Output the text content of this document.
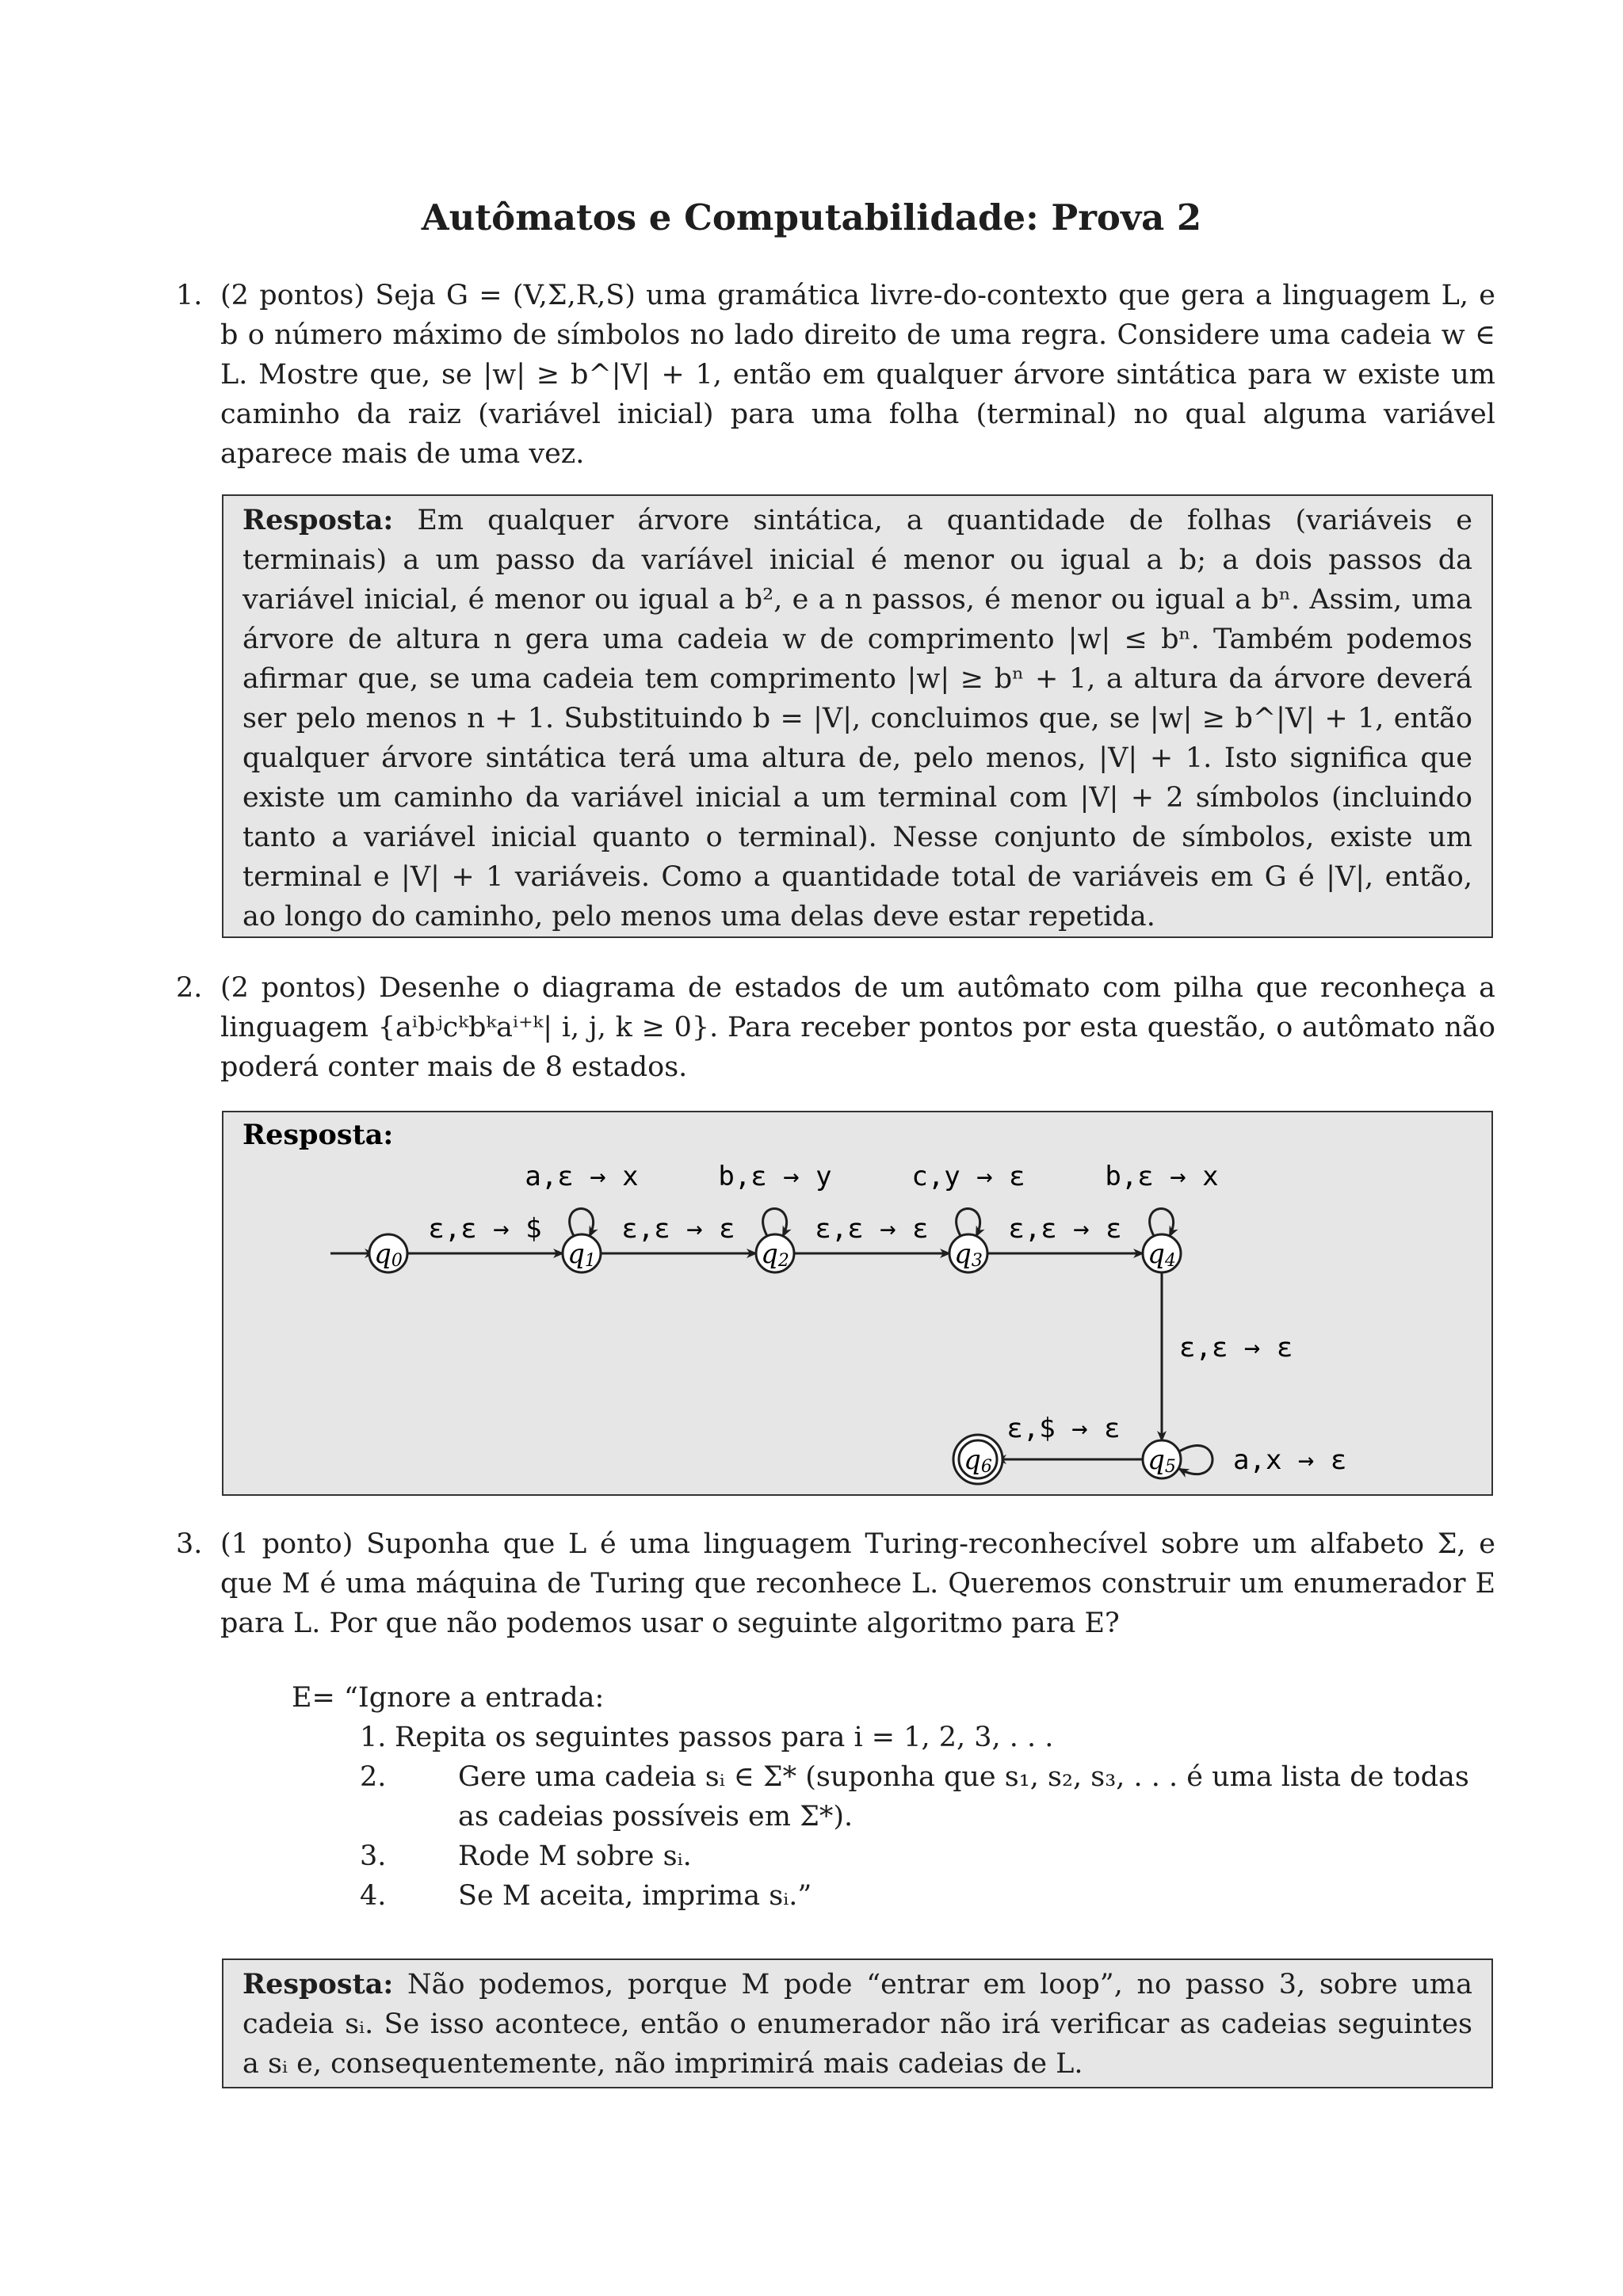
Autômatos e Computabilidade: Prova 2
1. (2 pontos) Seja G = (V,Σ,R,S) uma gramática livre-do-contexto que gera a linguagem L, e b o número máximo de símbolos no lado direito de uma regra. Considere uma cadeia w ∈ L. Mostre que, se |w| ≥ b^|V| + 1, então em qualquer árvore sintática para w existe um caminho da raiz (variável inicial) para uma folha (terminal) no qual alguma variável aparece mais de uma vez.
Resposta: Em qualquer árvore sintática, a quantidade de folhas (variáveis e terminais) a um passo da varíável inicial é menor ou igual a b; a dois passos da variável inicial, é menor ou igual a b², e a n passos, é menor ou igual a bⁿ. Assim, uma árvore de altura n gera uma cadeia w de comprimento |w| ≤ bⁿ. Também podemos afirmar que, se uma cadeia tem comprimento |w| ≥ bⁿ + 1, a altura da árvore deverá ser pelo menos n + 1. Substituindo b = |V|, concluimos que, se |w| ≥ b^|V| + 1, então qualquer árvore sintática terá uma altura de, pelo menos, |V| + 1. Isto significa que existe um caminho da variável inicial a um terminal com |V| + 2 símbolos (incluindo tanto a variável inicial quanto o terminal). Nesse conjunto de símbolos, existe um terminal e |V| + 1 variáveis. Como a quantidade total de variáveis em G é |V|, então, ao longo do caminho, pelo menos uma delas deve estar repetida.
2. (2 pontos) Desenhe o diagrama de estados de um autômato com pilha que reconheça a linguagem {aⁱbʲcᵏbᵏaⁱ⁺ᵏ| i, j, k ≥ 0}. Para receber pontos por esta questão, o autômato não poderá conter mais de 8 estados.
Resposta:
q0	q1	q2	q3	q4
q5
q6
ε,ε → $
a,ε → x
ε,ε → ε
b,ε → y
ε,ε → ε
c,y → ε
ε,ε → ε
b,ε → x
ε,ε → ε
a,x → ε
ε,$ → ε
3. (1 ponto) Suponha que L é uma linguagem Turing-reconhecível sobre um alfabeto Σ, e que M é uma máquina de Turing que reconhece L. Queremos construir um enumerador E para L. Por que não podemos usar o seguinte algoritmo para E?
E= “Ignore a entrada:
1. Repita os seguintes passos para i = 1, 2, 3, . . .
2.	Gere uma cadeia sᵢ ∈ Σ* (suponha que s₁, s₂, s₃, . . . é uma lista de todas as cadeias possíveis em Σ*).
3.	Rode M sobre sᵢ.
4.	Se M aceita, imprima sᵢ.”
Resposta: Não podemos, porque M pode “entrar em loop”, no passo 3, sobre uma cadeia sᵢ. Se isso acontece, então o enumerador não irá verificar as cadeias seguintes a sᵢ e, consequentemente, não imprimirá mais cadeias de L.
